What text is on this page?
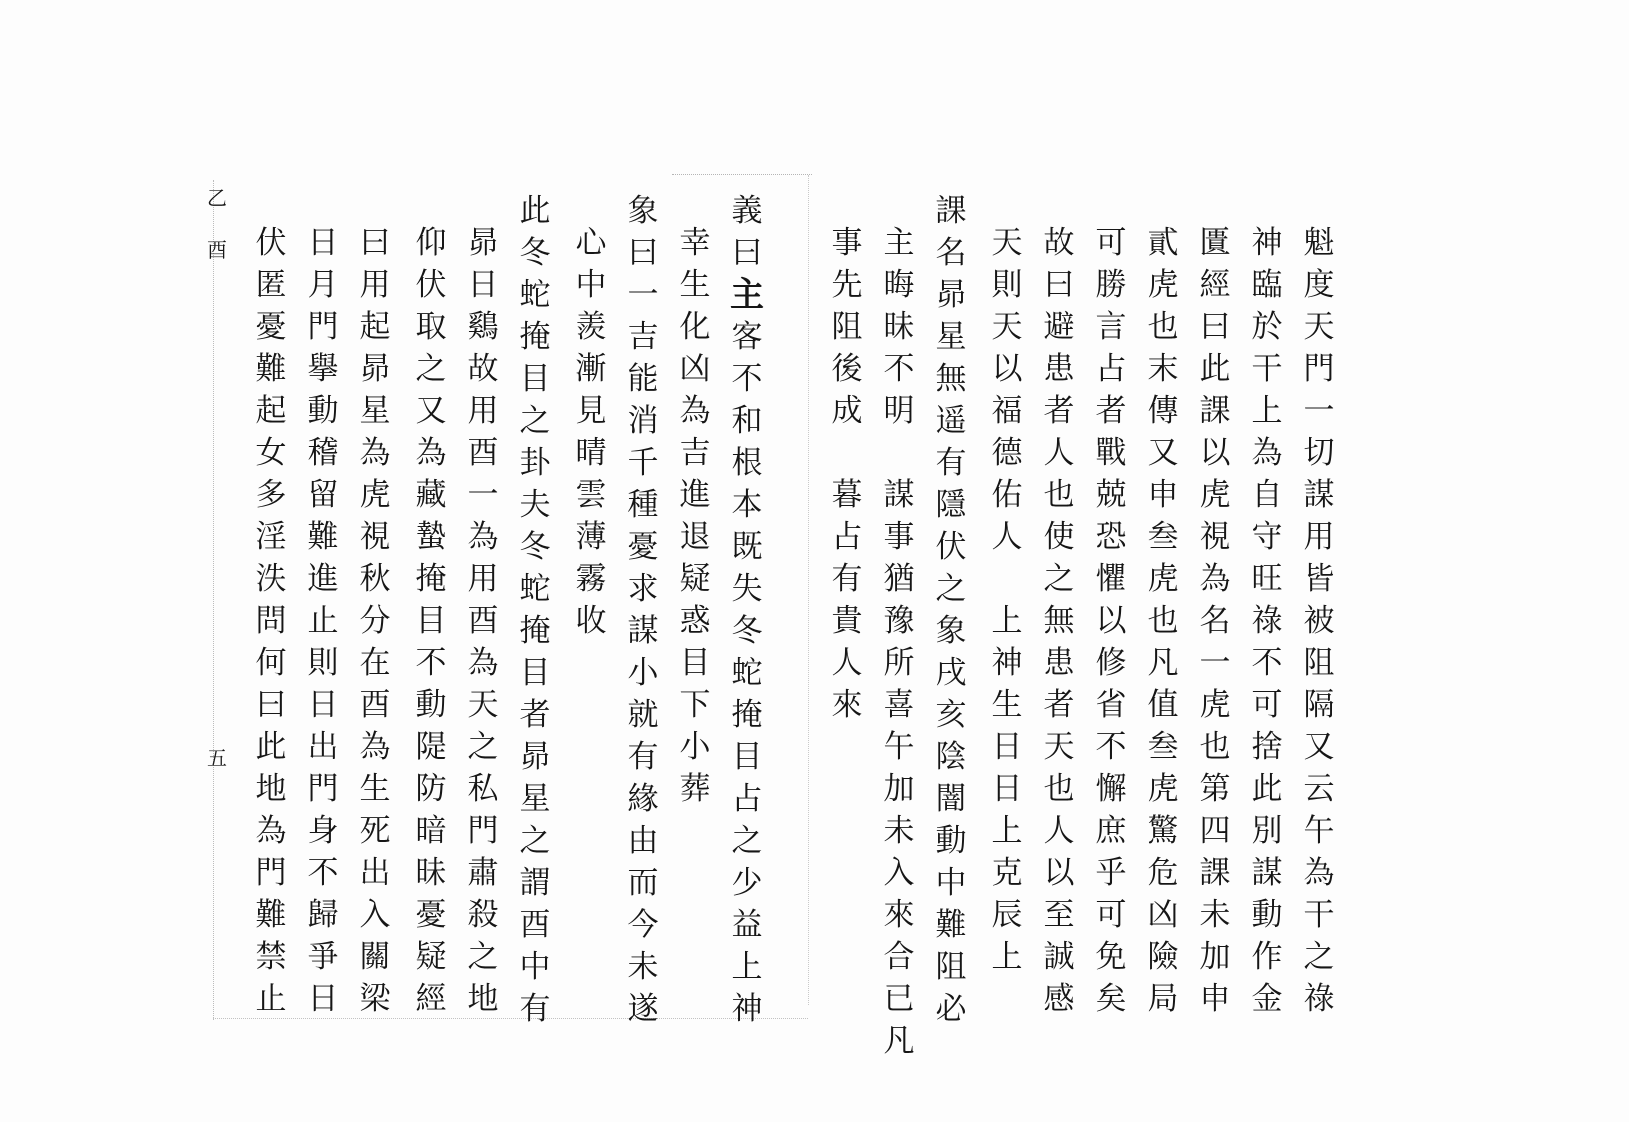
魁
度
天
門
一
切
謀
用
皆
被
阻
隔
又
云
午
為
干
之
祿
神
臨
於
干
上
為
自
守
旺
祿
不
可
捨
此
別
謀
動
作
金
匱
經
曰
此
課
以
虎
視
為
名
一
虎
也
第
四
課
未
加
申
貳
虎
也
末
傳
又
申
叁
虎
也
凡
值
叁
虎
驚
危
凶
險
局
可
勝
言
占
者
戰
兢
恐
懼
以
修
省
不
懈
庶
乎
可
免
矣
故
曰
避
患
者
人
也
使
之
無
患
者
天
也
人
以
至
誠
感
天
則
天
以
福
德
佑
人

上
神
生
日
日
上
克
辰
上
課
名
昴
星
無
遥
有
隱
伏
之
象
戌
亥
陰
闇
動
中
難
阻
必
主
晦
昧
不
明

謀
事
猶
豫
所
喜
午
加
未
入
來
合
已
凡
事
先
阻
後
成

暮
占
有
貴
人
來
義
曰
主
客
不
和
根
本
既
失
冬
蛇
掩
目
占
之
少
益
上
神
幸
生
化
凶
為
吉
進
退
疑
惑
目
下
小
葬
象
曰
一
吉
能
消
千
種
憂
求
謀
小
就
有
緣
由
而
今
未
遂
心
中
羨
漸
見
晴
雲
薄
霧
收
此
冬
蛇
掩
目
之
卦
夫
冬
蛇
掩
目
者
昴
星
之
謂
酉
中
有
昴
日
鷄
故
用
酉
一
為
用
酉
為
天
之
私
門
肅
殺
之
地
仰
伏
取
之
又
為
藏
蟄
掩
目
不
動
隄
防
暗
昧
憂
疑
經
曰
用
起
昴
星
為
虎
視
秋
分
在
酉
為
生
死
出
入
關
梁
日
月
門
擧
動
稽
留
難
進
止
則
日
出
門
身
不
歸
爭
日
伏
匿
憂
難
起
女
多
淫
泆
問
何
曰
此
地
為
門
難
禁
止
乙
酉
五
